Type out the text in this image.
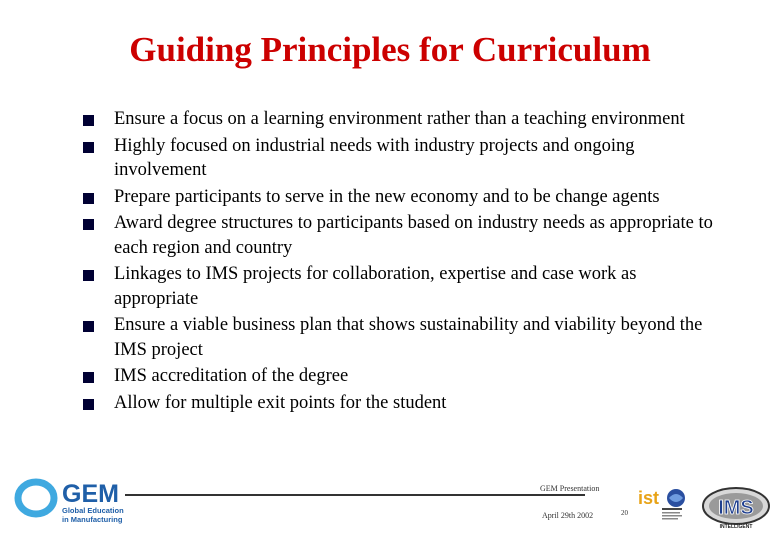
Guiding Principles for Curriculum
Ensure a focus on a learning environment rather than a teaching environment
Highly focused on industrial needs with industry projects and ongoing involvement
Prepare participants to serve in the new economy and to be change agents
Award degree structures to participants based on industry needs as appropriate to each region and country
Linkages to IMS projects for collaboration, expertise and case work as appropriate
Ensure a viable business plan that shows sustainability and viability beyond the IMS project
IMS accreditation of the degree
Allow for multiple exit points for the student
GEM
Global Education
in Manufacturing
GEM Presentation
April 29th 2002	20
ist	IMS
INTELLIGENT
